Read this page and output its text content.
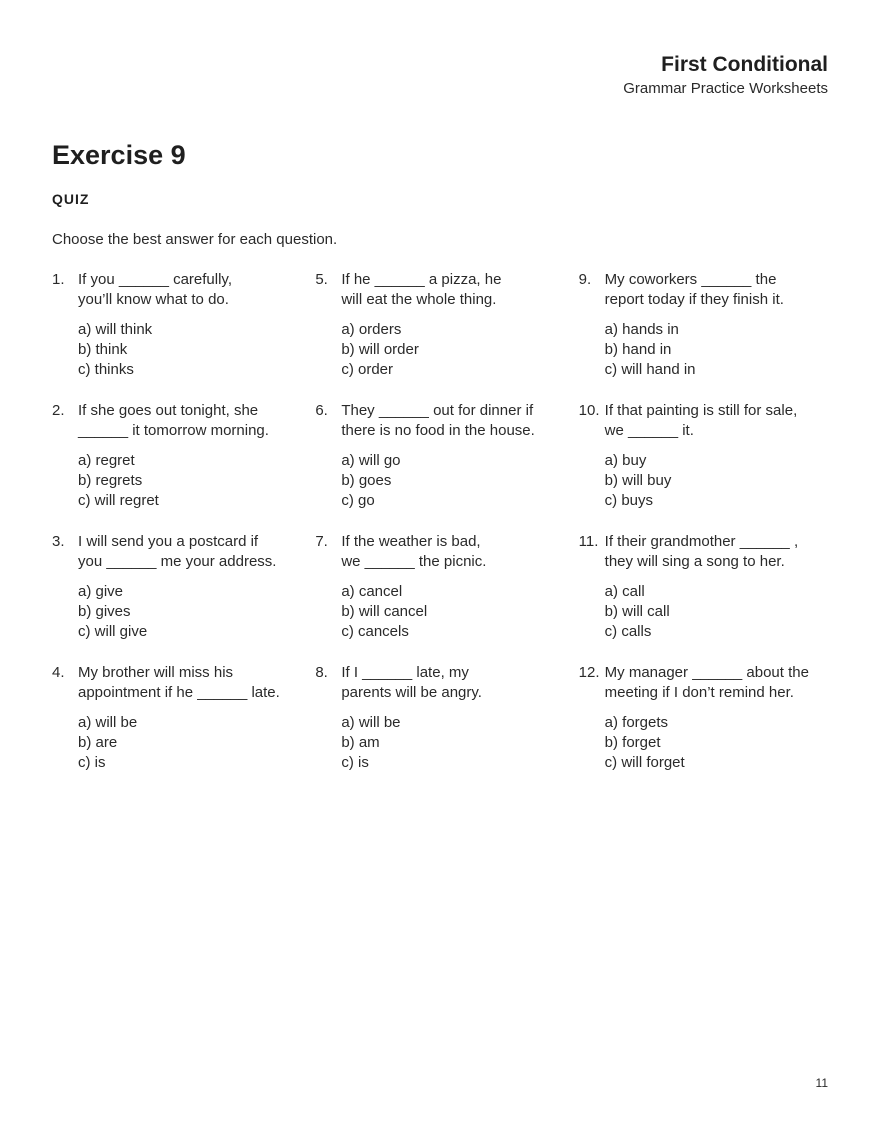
First Conditional
Grammar Practice Worksheets
Exercise 9
QUIZ
Choose the best answer for each question.
1. If you ______ carefully,
you’ll know what to do.
a) will think
b) think
c) thinks
2. If she goes out tonight, she
______ it tomorrow morning.
a) regret
b) regrets
c) will regret
3. I will send you a postcard if
you ______ me your address.
a) give
b) gives
c) will give
4. My brother will miss his
appointment if he ______ late.
a) will be
b) are
c) is
5. If he ______ a pizza, he
will eat the whole thing.
a) orders
b) will order
c) order
6. They ______ out for dinner if
there is no food in the house.
a) will go
b) goes
c) go
7. If the weather is bad,
we ______ the picnic.
a) cancel
b) will cancel
c) cancels
8. If I ______ late, my
parents will be angry.
a) will be
b) am
c) is
9. My coworkers ______ the
report today if they finish it.
a) hands in
b) hand in
c) will hand in
10. If that painting is still for sale,
we ______ it.
a) buy
b) will buy
c) buys
11. If their grandmother ______ ,
they will sing a song to her.
a) call
b) will call
c) calls
12. My manager ______ about the
meeting if I don’t remind her.
a) forgets
b) forget
c) will forget
11
